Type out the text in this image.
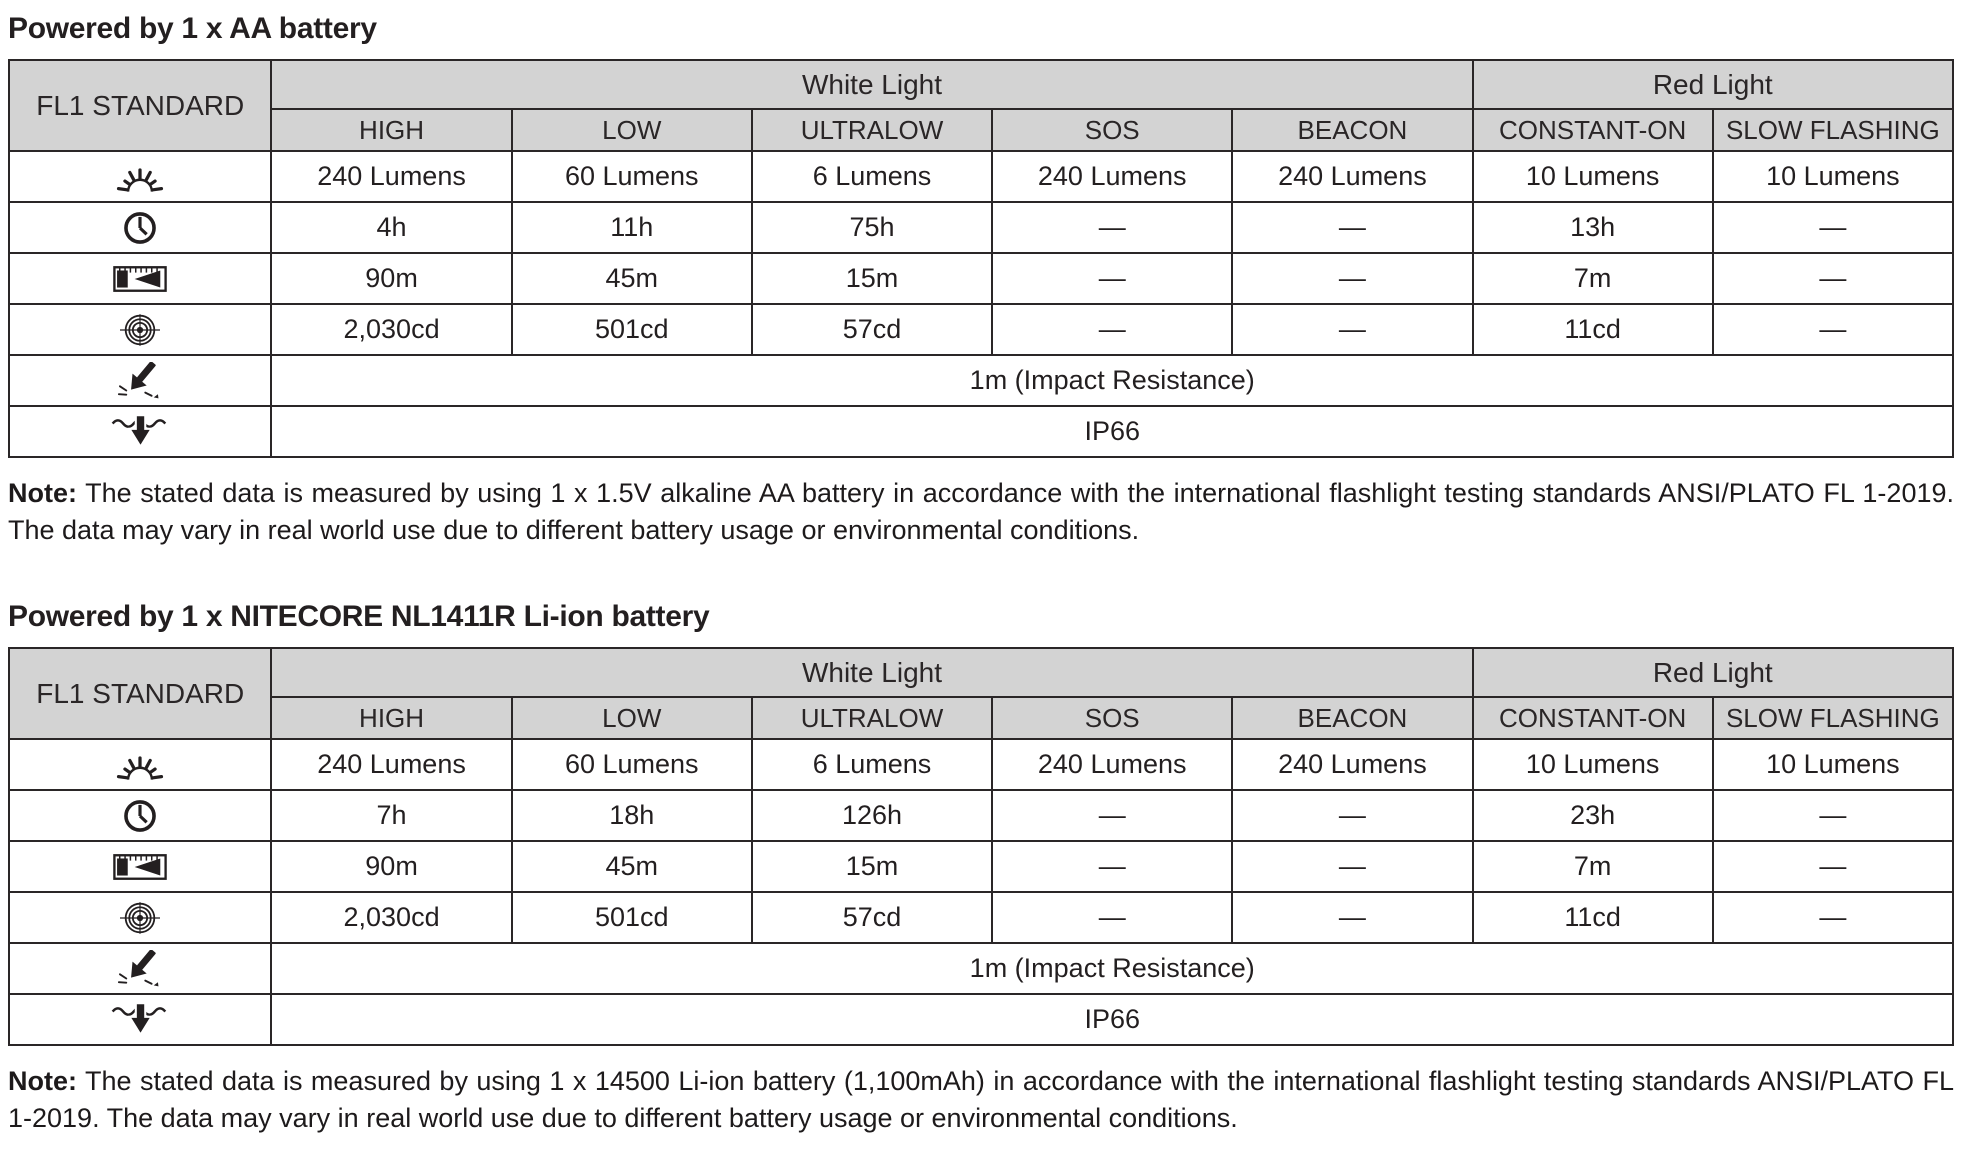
Powered by 1 x AA battery
FL1 STANDARD	White Light					Red Light	
	HIGH	LOW	ULTRALOW	SOS	BEACON	CONSTANT-ON	SLOW FLASHING

	240 Lumens	60 Lumens	6 Lumens	240 Lumens	240 Lumens	10 Lumens	10 Lumens

	4h	11h	75h	—	—	13h	—

	90m	45m	15m	—	—	7m	—

	2,030cd	501cd	57cd	—	—	11cd	—

	1m (Impact Resistance)						

	IP66						

Note: The stated data is measured by using 1 x 1.5V alkaline AA battery in accordance with the international flashlight testing standards ANSI/PLATO FL 1-2019. The data may vary in real world use due to different battery usage or environmental conditions.

Powered by 1 x NITECORE NL1411R Li-ion battery
FL1 STANDARD	White Light					Red Light	
	HIGH	LOW	ULTRALOW	SOS	BEACON	CONSTANT-ON	SLOW FLASHING

	240 Lumens	60 Lumens	6 Lumens	240 Lumens	240 Lumens	10 Lumens	10 Lumens

	7h	18h	126h	—	—	23h	—

	90m	45m	15m	—	—	7m	—

	2,030cd	501cd	57cd	—	—	11cd	—

	1m (Impact Resistance)						

	IP66						

Note: The stated data is measured by using 1 x 14500 Li-ion battery (1,100mAh) in accordance with the international flashlight testing standards ANSI/PLATO FL 1-2019. The data may vary in real world use due to different battery usage or environmental conditions.
